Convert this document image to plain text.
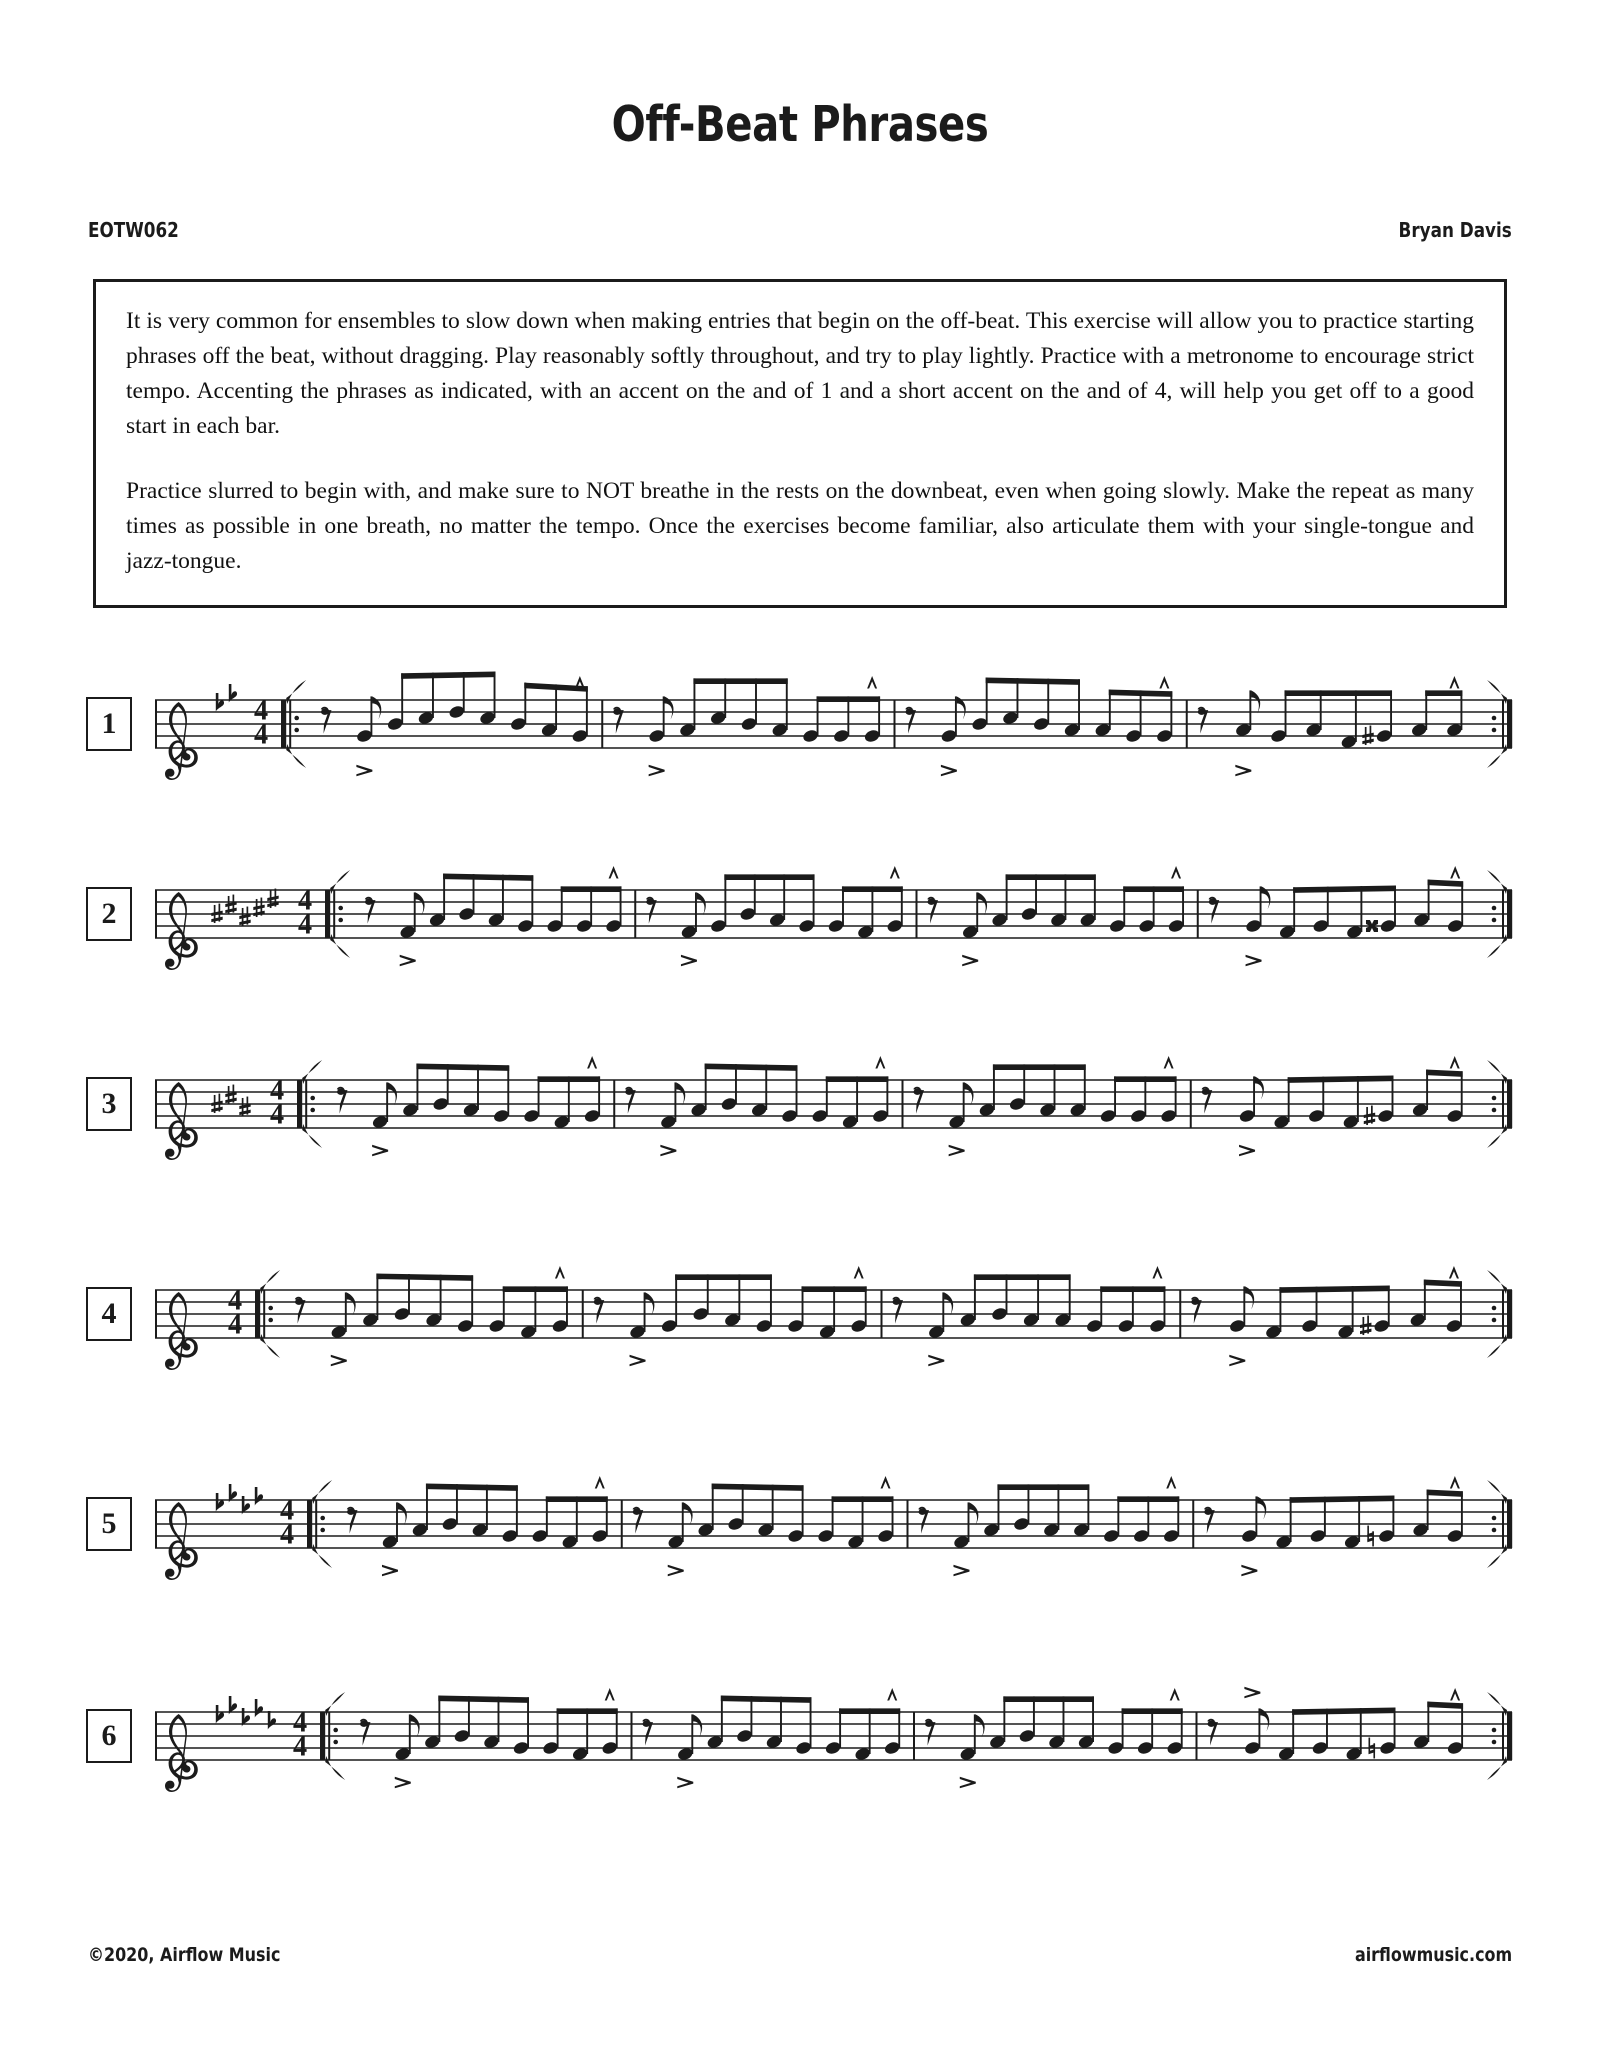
Off-Beat Phrases
EOTW062	Bryan Davis

It is very common for ensembles to slow down when making entries that begin on the off-beat. This exercise will allow you to practice starting phrases off the beat, without dragging. Play reasonably softly throughout, and try to play lightly. Practice with a metronome to encourage strict tempo. Accenting the phrases as indicated, with an accent on the and of 1 and a short accent on the and of 4, will help you get off to a good start in each bar.

Practice slurred to begin with, and make sure to NOT breathe in the rests on the downbeat, even when going slowly. Make the repeat as many times as possible in one breath, no matter the tempo. Once the exercises become familiar, also articulate them with your single-tongue and jazz-tongue.

1	4
4
2	4
4
3	4
4
4	4
4
5	4
4
6	4
4
©2020, Airflow Music	airflowmusic.com
